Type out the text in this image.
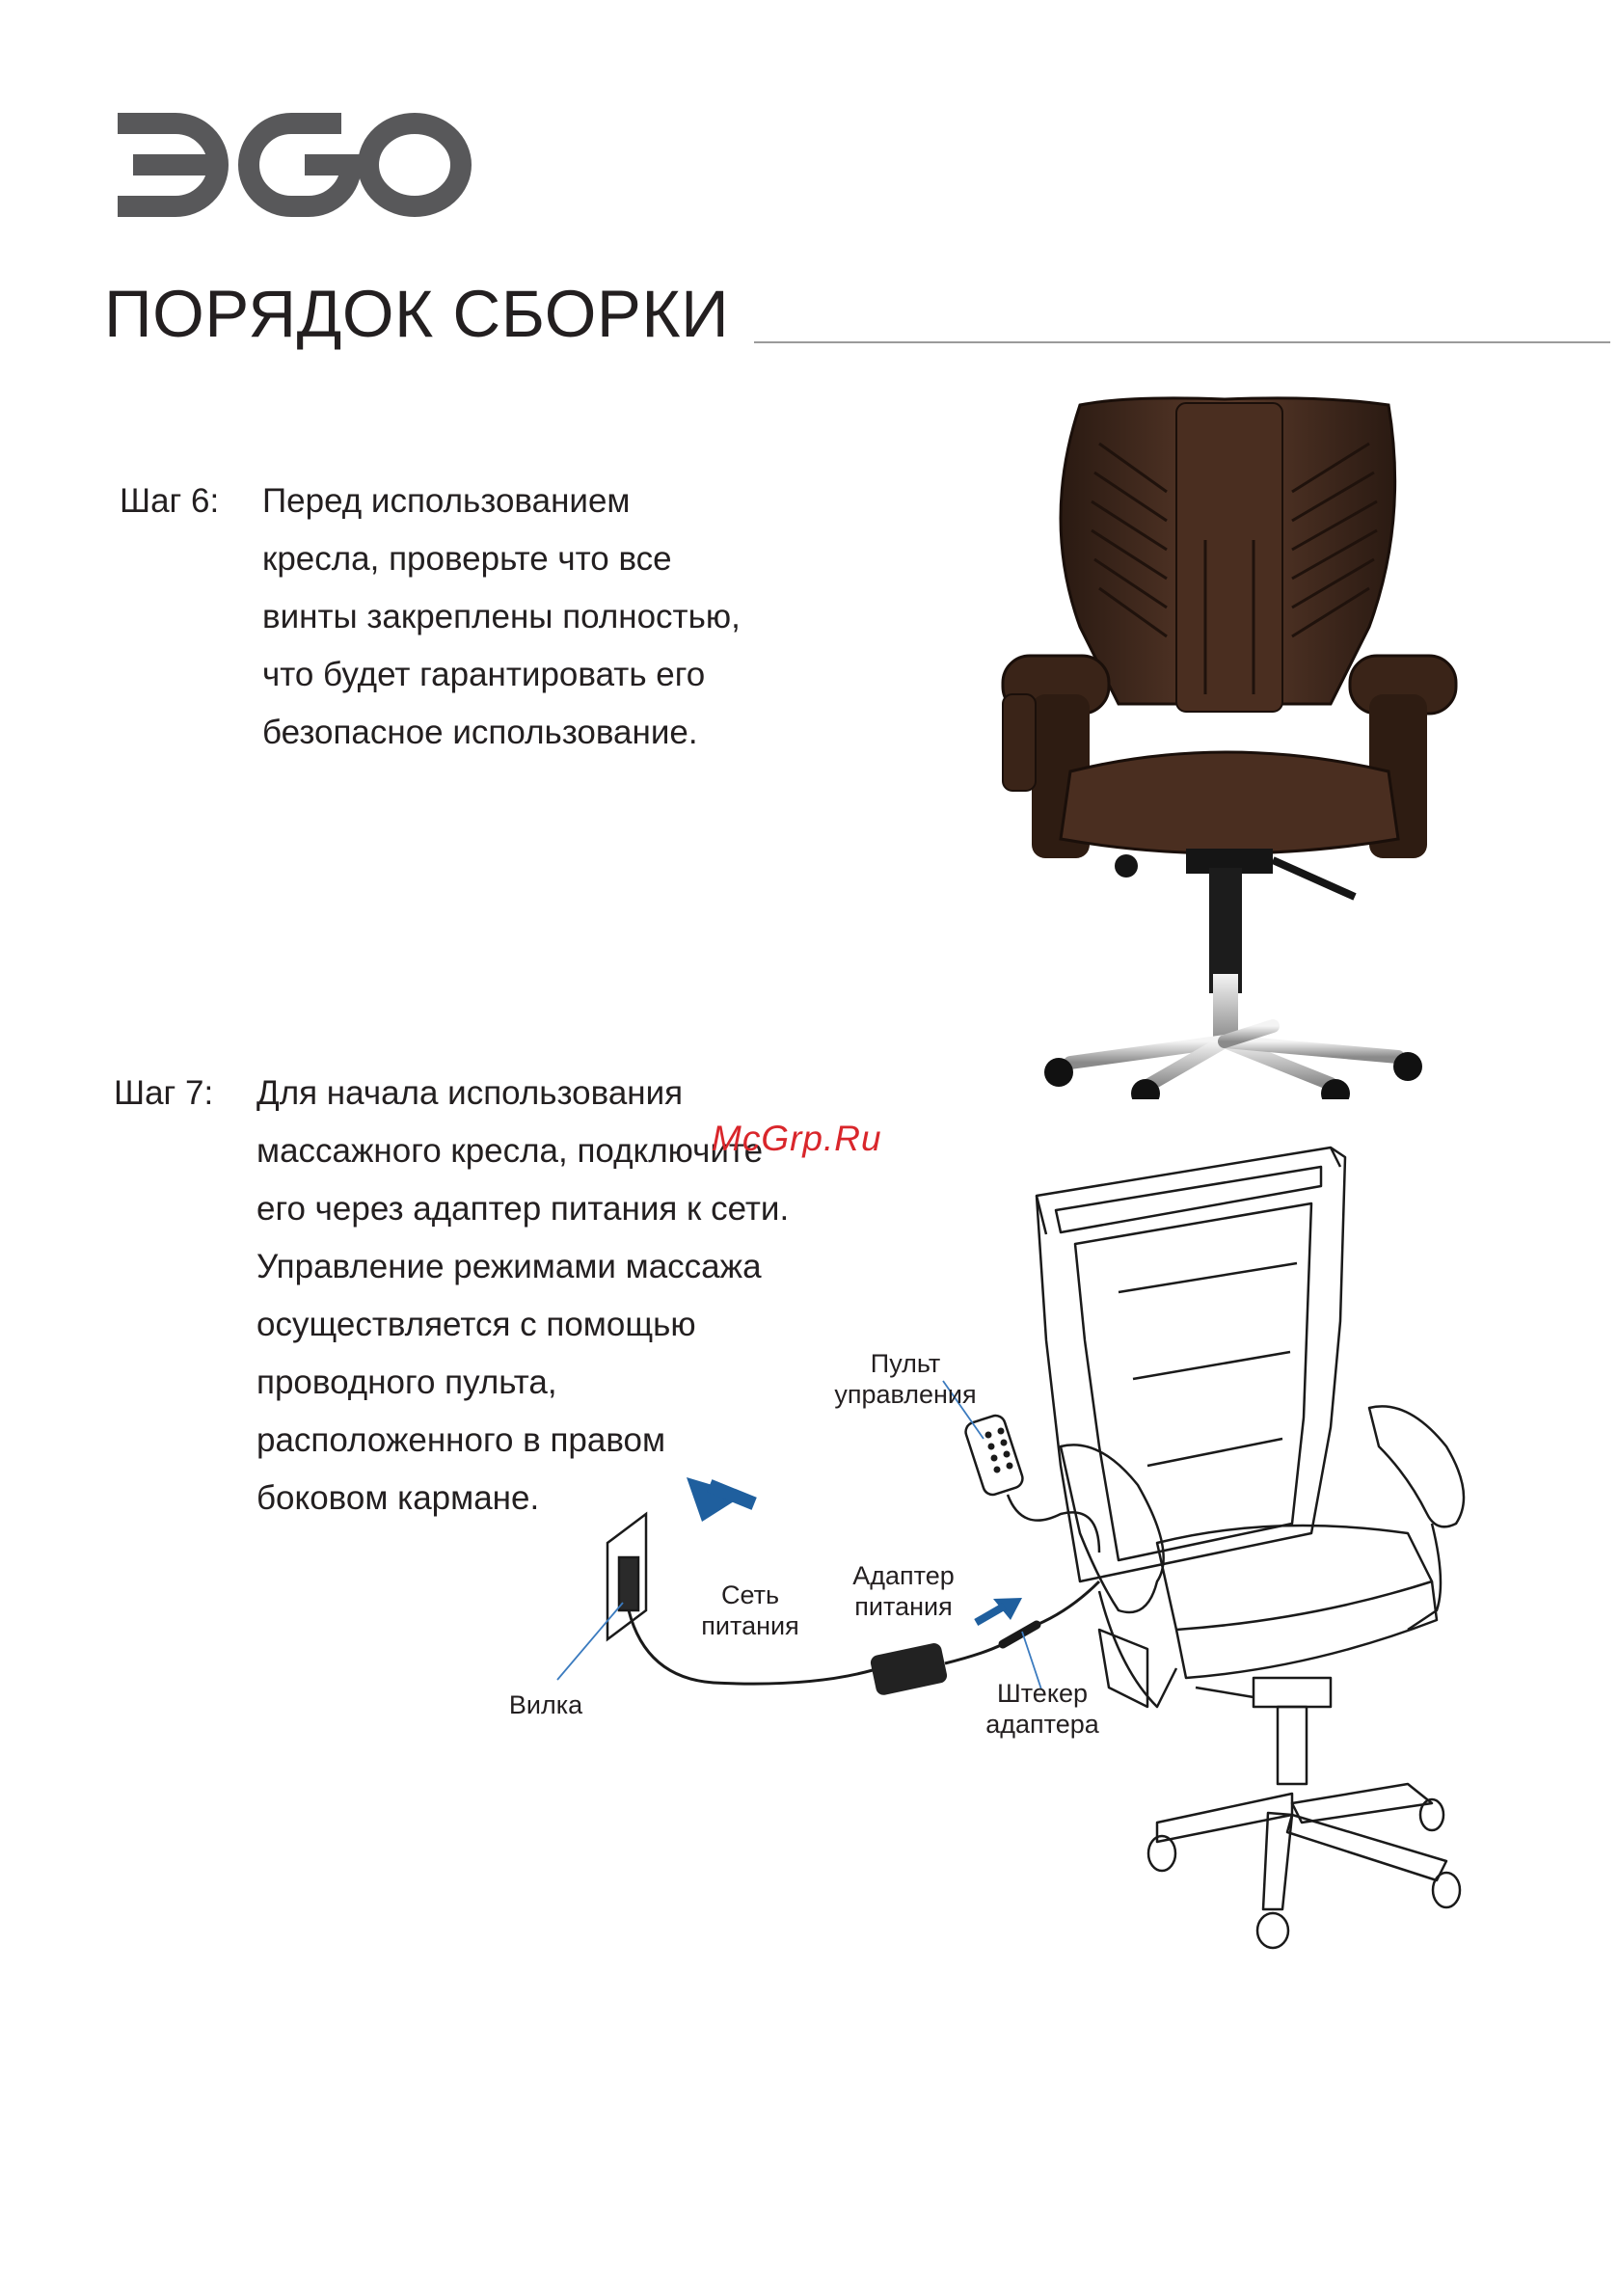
ЭGO
ПОРЯДОК СБОРКИ
Шаг 6: Перед использованием
кресла, проверьте что все
винты закреплены полностью,
что будет гарантировать его
безопасное использование.
Шаг 7: Для начала использования
массажного кресла, подключите
его через адаптер питания к сети.
Управление режимами массажа
осуществляется с помощью
проводного пульта,
расположенного в правом
боковом кармане.
Пульт
управления
Сеть
питания
Адаптер
питания
Вилка	Штекер
адаптера
McGrp.Ru
